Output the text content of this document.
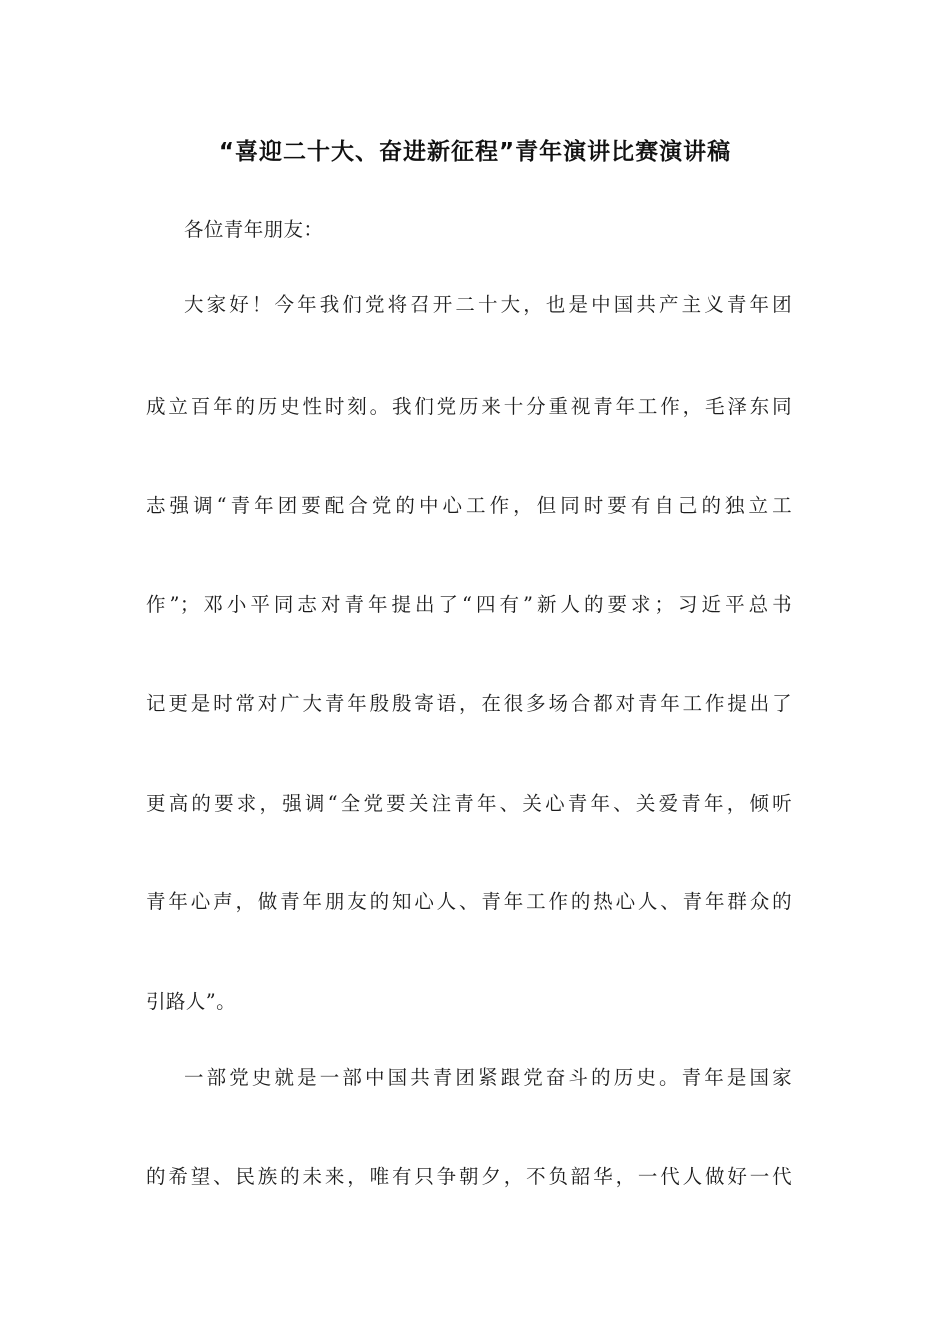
“喜迎二十大、奋进新征程”青年演讲比赛演讲稿
各位青年朋友：
大家好！今年我们党将召开二十大，也是中国共产主义青年团
成立百年的历史性时刻。我们党历来十分重视青年工作，毛泽东同
志强调“青年团要配合党的中心工作，但同时要有自己的独立工
作”；邓小平同志对青年提出了“四有”新人的要求；习近平总书
记更是时常对广大青年殷殷寄语，在很多场合都对青年工作提出了
更高的要求，强调“全党要关注青年、关心青年、关爱青年，倾听
青年心声，做青年朋友的知心人、青年工作的热心人、青年群众的
引路人”。
一部党史就是一部中国共青团紧跟党奋斗的历史。青年是国家
的希望、民族的未来，唯有只争朝夕，不负韶华，一代人做好一代
